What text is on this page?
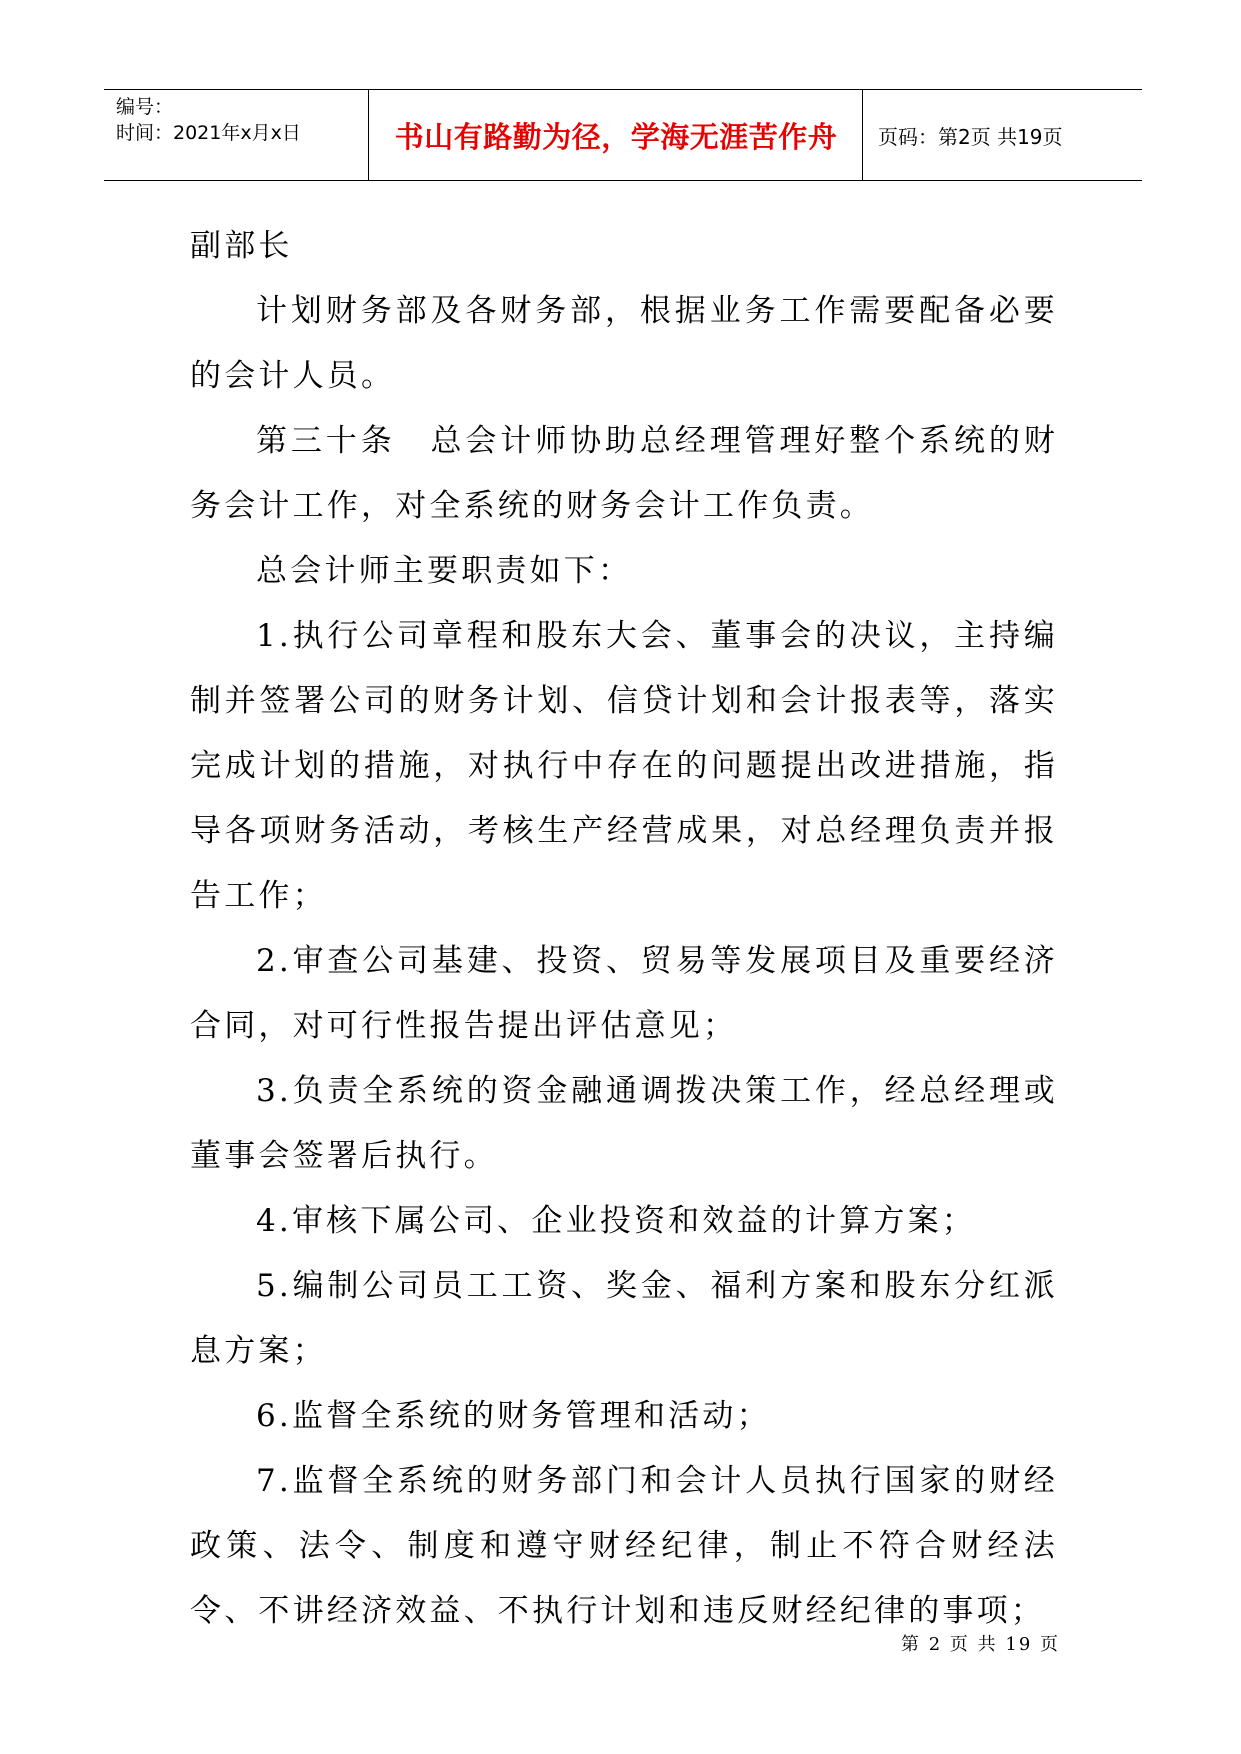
编号：
时间：2021年x月x日	书山有路勤为径，学海无涯苦作舟	页码：第2页 共19页

副部长

计划财务部及各财务部，根据业务工作需要配备必要的会计人员。

第三十条　总会计师协助总经理管理好整个系统的财务会计工作，对全系统的财务会计工作负责。

总会计师主要职责如下：

1.执行公司章程和股东大会、董事会的决议，主持编制并签署公司的财务计划、信贷计划和会计报表等，落实完成计划的措施，对执行中存在的问题提出改进措施，指导各项财务活动，考核生产经营成果，对总经理负责并报告工作；

2.审查公司基建、投资、贸易等发展项目及重要经济合同，对可行性报告提出评估意见；

3.负责全系统的资金融通调拨决策工作，经总经理或董事会签署后执行。

4.审核下属公司、企业投资和效益的计算方案；

5.编制公司员工工资、奖金、福利方案和股东分红派息方案；

6.监督全系统的财务管理和活动；

7.监督全系统的财务部门和会计人员执行国家的财经政策、法令、制度和遵守财经纪律，制止不符合财经法令、不讲经济效益、不执行计划和违反财经纪律的事项；

第 2 页 共 19 页
